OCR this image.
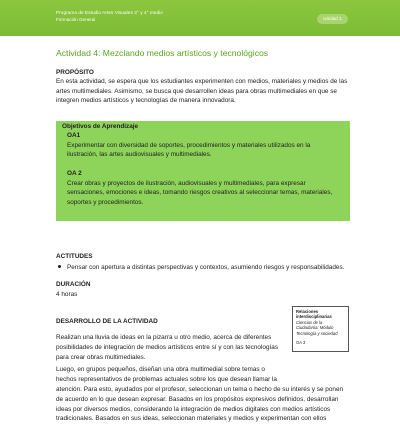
Programa de Estudio Artes Visuales 3° y 4° medio
Formación General	Unidad 1
Actividad 4: Mezclando medios artísticos y tecnológicos
PROPÓSITO
En esta actividad, se espera que los estudiantes experimenten con medios, materiales y medios de las
artes multimediales. Asimismo, se busca que desarrollen ideas para obras multimediales en que se
integren medios artísticos y tecnologías de manera innovadora.
Objetivos de Aprendizaje
OA1
Experimentar con diversidad de soportes, procedimientos y materiales utilizados en la
ilustración, las artes audiovisuales y multimediales.
OA 2
Crear obras y proyectos de ilustración, audiovisuales y multimediales, para expresar
sensaciones, emociones e ideas, tomando riesgos creativos al seleccionar temas, materiales,
soportes y procedimientos.
ACTITUDES
Pensar con apertura a distintas perspectivas y contextos, asumiendo riesgos y responsabilidades.
DURACIÓN
4 horas
DESARROLLO DE LA ACTIVIDAD
Relaciones interdisciplinarias
Ciencias de la Ciudadanía: Módulo Tecnología y sociedad
OA 3
Realizan una lluvia de ideas en la pizarra u otro medio, acerca de diferentes
posibilidades de integración de medios artísticos entre sí y con las tecnologías
para crear obras multimediales.
Luego, en grupos pequeños, diseñan una obra multimedial sobre temas o
hechos representativos de problemas actuales sobre los que desean llamar la
atención. Para esto, ayudados por el profesor, seleccionan un tema o hecho de su interés y se ponen
de acuerdo en lo que desean expresar. Basados en los propósitos expresivos definidos, desarrollan
ideas por diversos medios, considerando la integración de medios digitales con medios artísticos
tradicionales. Basados en sus ideas, seleccionan materiales y medios y experimentan con ellos
